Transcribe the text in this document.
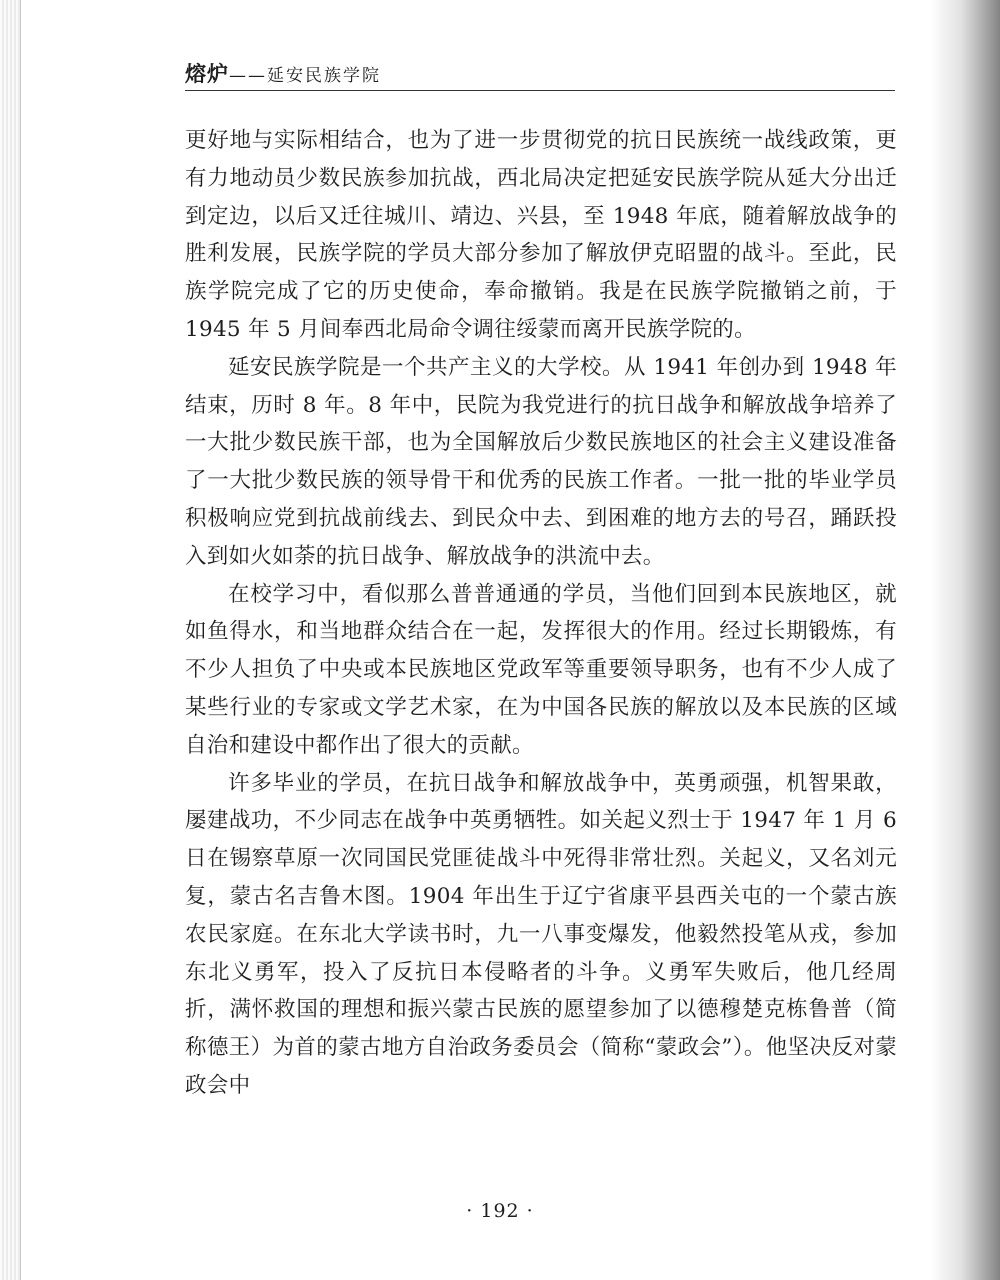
熔炉——延安民族学院

更好地与实际相结合，也为了进一步贯彻党的抗日民族统一战线政策，更有力地动员少数民族参加抗战，西北局决定把延安民族学院从延大分出迁到定边，以后又迁往城川、靖边、兴县，至 1948 年底，随着解放战争的胜利发展，民族学院的学员大部分参加了解放伊克昭盟的战斗。至此，民族学院完成了它的历史使命，奉命撤销。我是在民族学院撤销之前，于 1945 年 5 月间奉西北局命令调往绥蒙而离开民族学院的。

延安民族学院是一个共产主义的大学校。从 1941 年创办到 1948 年结束，历时 8 年。8 年中，民院为我党进行的抗日战争和解放战争培养了一大批少数民族干部，也为全国解放后少数民族地区的社会主义建设准备了一大批少数民族的领导骨干和优秀的民族工作者。一批一批的毕业学员积极响应党到抗战前线去、到民众中去、到困难的地方去的号召，踊跃投入到如火如荼的抗日战争、解放战争的洪流中去。

在校学习中，看似那么普普通通的学员，当他们回到本民族地区，就如鱼得水，和当地群众结合在一起，发挥很大的作用。经过长期锻炼，有不少人担负了中央或本民族地区党政军等重要领导职务，也有不少人成了某些行业的专家或文学艺术家，在为中国各民族的解放以及本民族的区域自治和建设中都作出了很大的贡献。

许多毕业的学员，在抗日战争和解放战争中，英勇顽强，机智果敢，屡建战功，不少同志在战争中英勇牺牲。如关起义烈士于 1947 年 1 月 6 日在锡察草原一次同国民党匪徒战斗中死得非常壮烈。关起义，又名刘元复，蒙古名吉鲁木图。1904 年出生于辽宁省康平县西关屯的一个蒙古族农民家庭。在东北大学读书时，九一八事变爆发，他毅然投笔从戎，参加东北义勇军，投入了反抗日本侵略者的斗争。义勇军失败后，他几经周折，满怀救国的理想和振兴蒙古民族的愿望参加了以德穆楚克栋鲁普（简称德王）为首的蒙古地方自治政务委员会（简称“蒙政会”）。他坚决反对蒙政会中

· 192 ·
